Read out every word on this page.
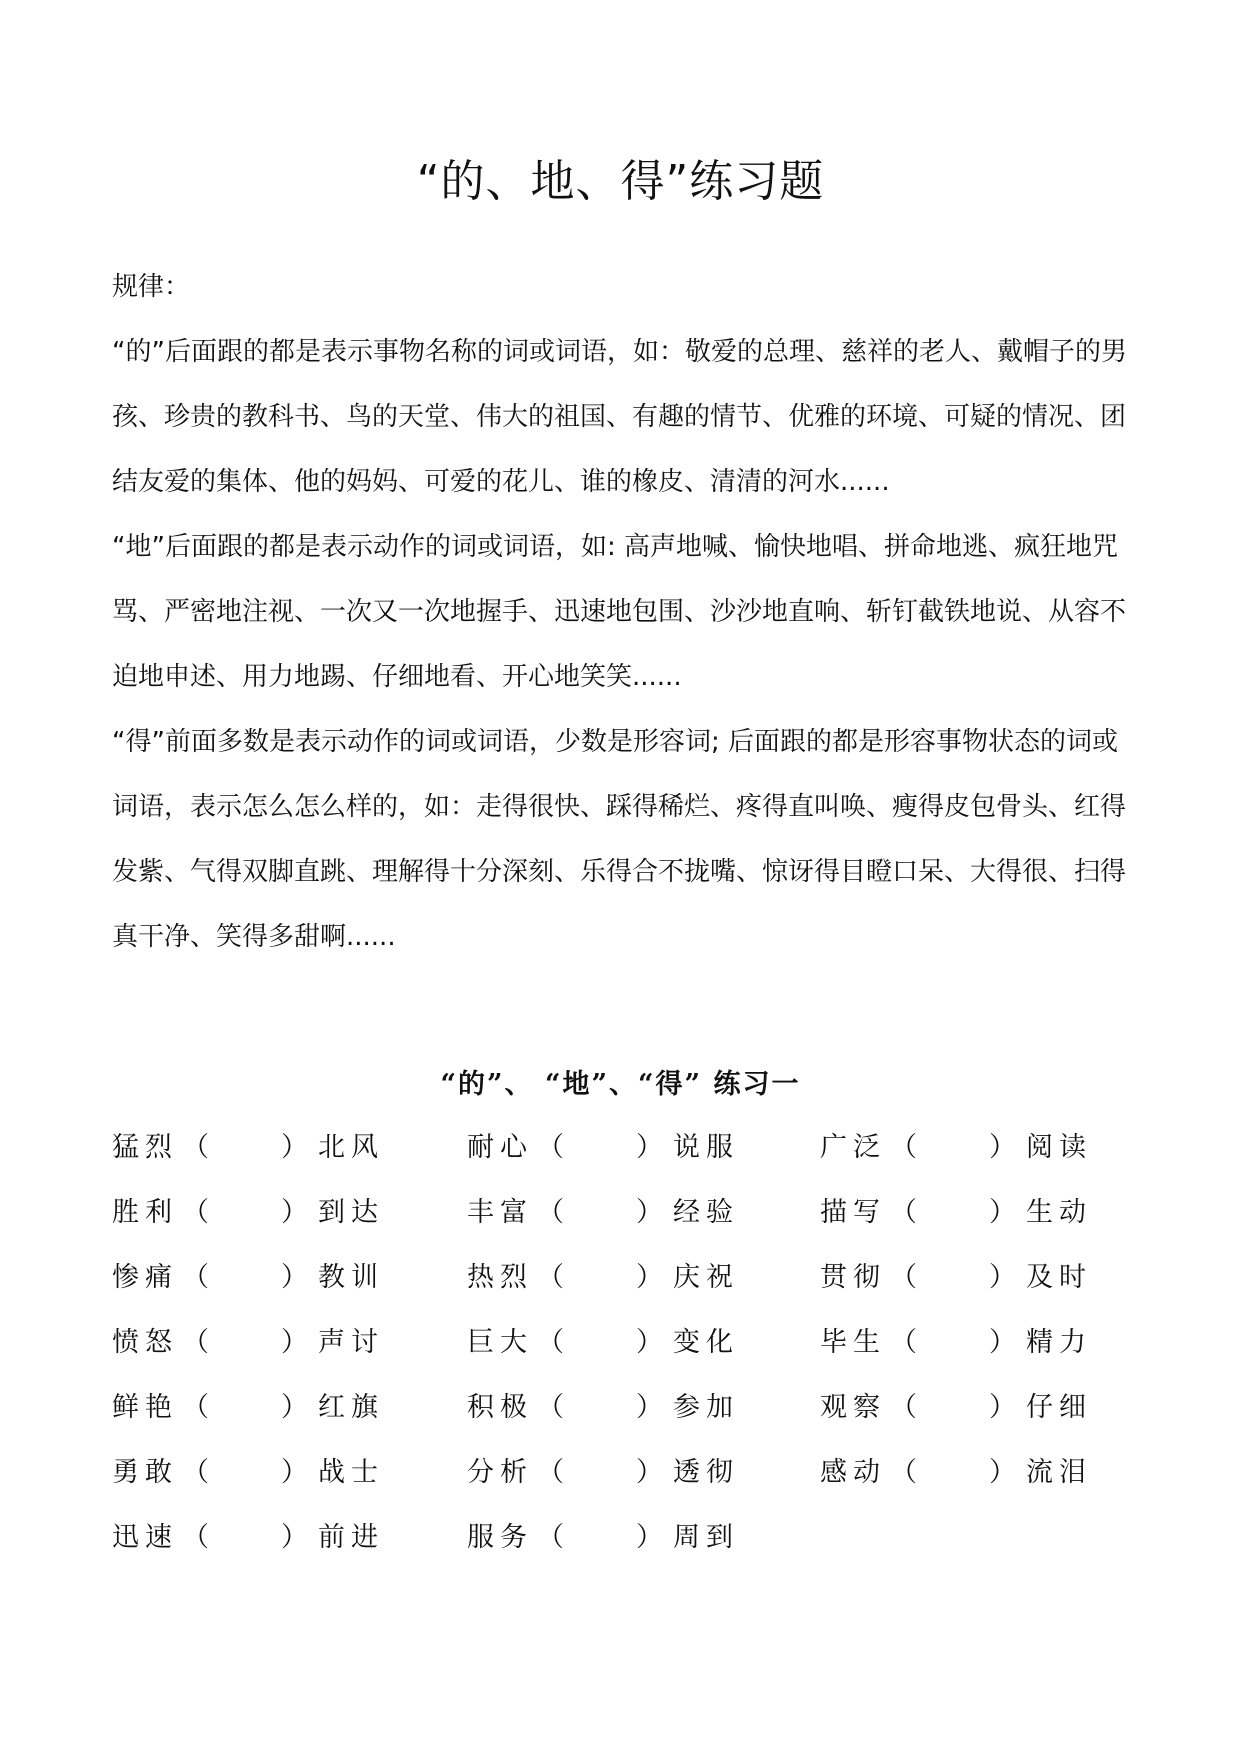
“的、地、得”练习题

规律：

“的”后面跟的都是表示事物名称的词或词语，如：敬爱的总理、慈祥的老人、戴帽子的男孩、珍贵的教科书、鸟的天堂、伟大的祖国、有趣的情节、优雅的环境、可疑的情况、团结友爱的集体、他的妈妈、可爱的花儿、谁的橡皮、清清的河水......

“地”后面跟的都是表示动作的词或词语，如: 高声地喊、愉快地唱、拼命地逃、疯狂地咒骂、严密地注视、一次又一次地握手、迅速地包围、沙沙地直响、斩钉截铁地说、从容不迫地申述、用力地踢、仔细地看、开心地笑笑......

“得”前面多数是表示动作的词或词语，少数是形容词; 后面跟的都是形容事物状态的词或词语，表示怎么怎么样的，如：走得很快、踩得稀烂、疼得直叫唤、瘦得皮包骨头、红得发紫、气得双脚直跳、理解得十分深刻、乐得合不拢嘴、惊讶得目瞪口呆、大得很、扫得真干净、笑得多甜啊......

“的”、 “地”、“得” 练习一
猛烈 （ ） 北风	耐心 （ ） 说服	广泛 （ ） 阅读
胜利 （ ） 到达	丰富 （ ） 经验	描写 （ ） 生动
惨痛 （ ） 教训	热烈 （ ） 庆祝	贯彻 （ ） 及时
愤怒 （ ） 声讨	巨大 （ ） 变化	毕生 （ ） 精力
鲜艳 （ ） 红旗	积极 （ ） 参加	观察 （ ） 仔细
勇敢 （ ） 战士	分析 （ ） 透彻	感动 （ ） 流泪
迅速 （ ） 前进	服务 （ ） 周到
